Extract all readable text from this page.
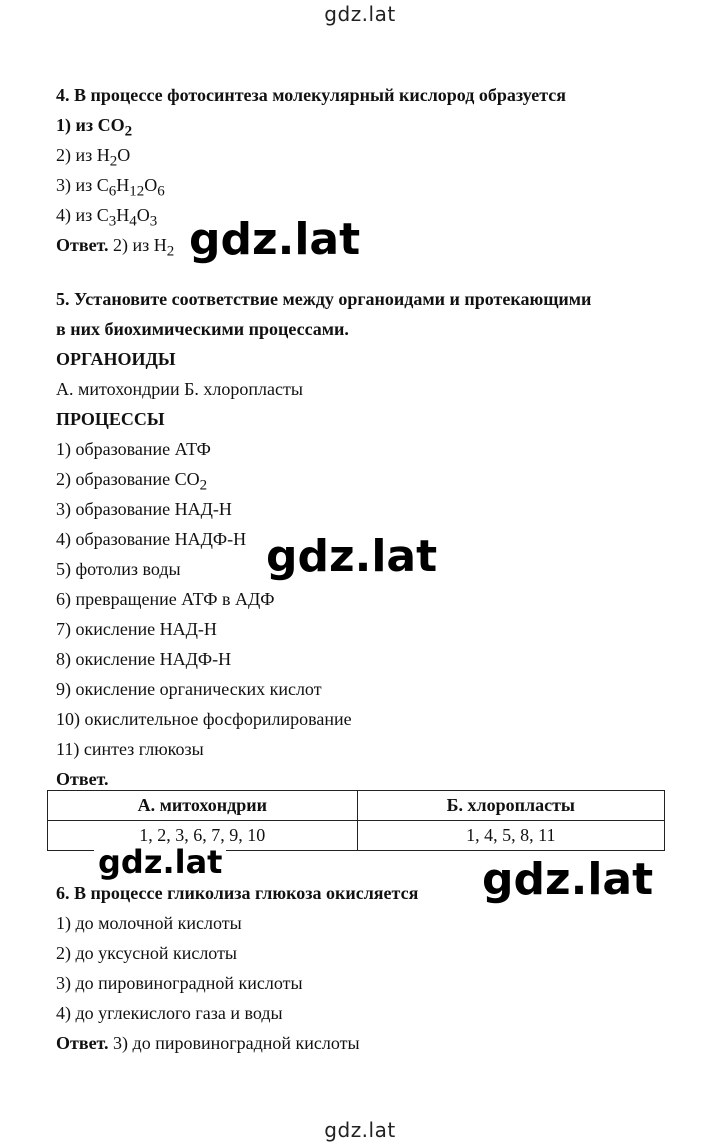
gdz.lat
4. В процессе фотосинтеза молекулярный кислород образуется
1) из $CO_2$
2) из $H_2O$
3) из $C_6H_{12}O_6$
4) из $C_3H_4O_3$
Ответ. 2) из $H_2$
5. Установите соответствие между органоидами и протекающими
в них биохимическими процессами.
ОРГАНОИДЫ
А. митохондрии Б. хлоропласты
ПРОЦЕССЫ
1) образование АТФ
2) образование $CO_2$
3) образование НАД-Н
4) образование НАДФ-Н
5) фотолиз воды
6) превращение АТФ в АДФ
7) окисление НАД-Н
8) окисление НАДФ-Н
9) окисление органических кислот
10) окислительное фосфорилирование
11) синтез глюкозы
Ответ.
А. митохондрии	Б. хлоропласты
1, 2, 3, 6, 7, 9, 10	1, 4, 5, 8, 11
6. В процессе гликолиза глюкоза окисляется
1) до молочной кислоты
2) до уксусной кислоты
3) до пировиноградной кислоты
4) до углекислого газа и воды
Ответ. 3) до пировиноградной кислоты
gdz.lat
gdz.lat
gdz.lat	gdz.lat
gdz.lat
